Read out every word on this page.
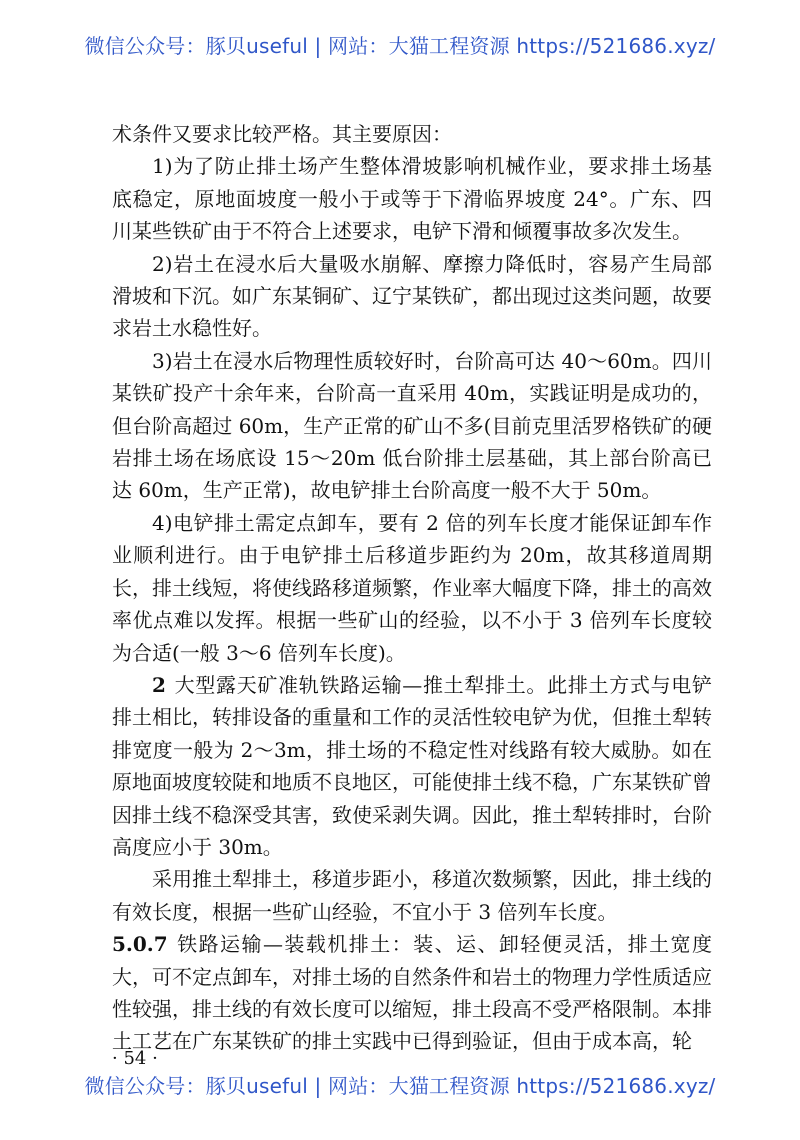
微信公众号：豚贝useful | 网站：大猫工程资源 https://521686.xyz/

术条件又要求比较严格。其主要原因：

1)为了防止排土场产生整体滑坡影响机械作业，要求排土场基底稳定，原地面坡度一般小于或等于下滑临界坡度 24°。广东、四川某些铁矿由于不符合上述要求，电铲下滑和倾覆事故多次发生。

2)岩土在浸水后大量吸水崩解、摩擦力降低时，容易产生局部滑坡和下沉。如广东某铜矿、辽宁某铁矿，都出现过这类问题，故要求岩土水稳性好。

3)岩土在浸水后物理性质较好时，台阶高可达 40～60m。四川某铁矿投产十余年来，台阶高一直采用 40m，实践证明是成功的，但台阶高超过 60m，生产正常的矿山不多(目前克里活罗格铁矿的硬岩排土场在场底设 15～20m 低台阶排土层基础，其上部台阶高已达 60m，生产正常)，故电铲排土台阶高度一般不大于 50m。

4)电铲排土需定点卸车，要有 2 倍的列车长度才能保证卸车作业顺利进行。由于电铲排土后移道步距约为 20m，故其移道周期长，排土线短，将使线路移道频繁，作业率大幅度下降，排土的高效率优点难以发挥。根据一些矿山的经验，以不小于 3 倍列车长度较为合适(一般 3～6 倍列车长度)。

2 大型露天矿准轨铁路运输—推土犁排土。此排土方式与电铲排土相比，转排设备的重量和工作的灵活性较电铲为优，但推土犁转排宽度一般为 2～3m，排土场的不稳定性对线路有较大威胁。如在原地面坡度较陡和地质不良地区，可能使排土线不稳，广东某铁矿曾因排土线不稳深受其害，致使采剥失调。因此，推土犁转排时，台阶高度应小于 30m。

采用推土犁排土，移道步距小，移道次数频繁，因此，排土线的有效长度，根据一些矿山经验，不宜小于 3 倍列车长度。

5.0.7 铁路运输—装载机排土：装、运、卸轻便灵活，排土宽度大，可不定点卸车，对排土场的自然条件和岩土的物理力学性质适应性较强，排土线的有效长度可以缩短，排土段高不受严格限制。本排土工艺在广东某铁矿的排土实践中已得到验证，但由于成本高，轮

· 54 ·
微信公众号：豚贝useful | 网站：大猫工程资源 https://521686.xyz/
